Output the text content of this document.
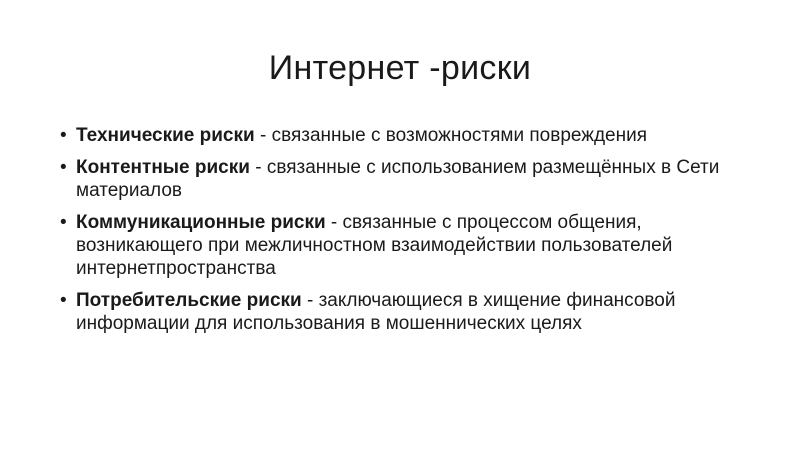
Интернет -риски
• Технические риски - связанные с возможностями повреждения
• Контентные риски - связанные с использованием размещённых в Сети материалов
• Коммуникационные риски - связанные с процессом общения, возникающего при межличностном взаимодействии пользователей интернетпространства
• Потребительские риски - заключающиеся в хищение финансовой информации для использования в мошеннических целях
